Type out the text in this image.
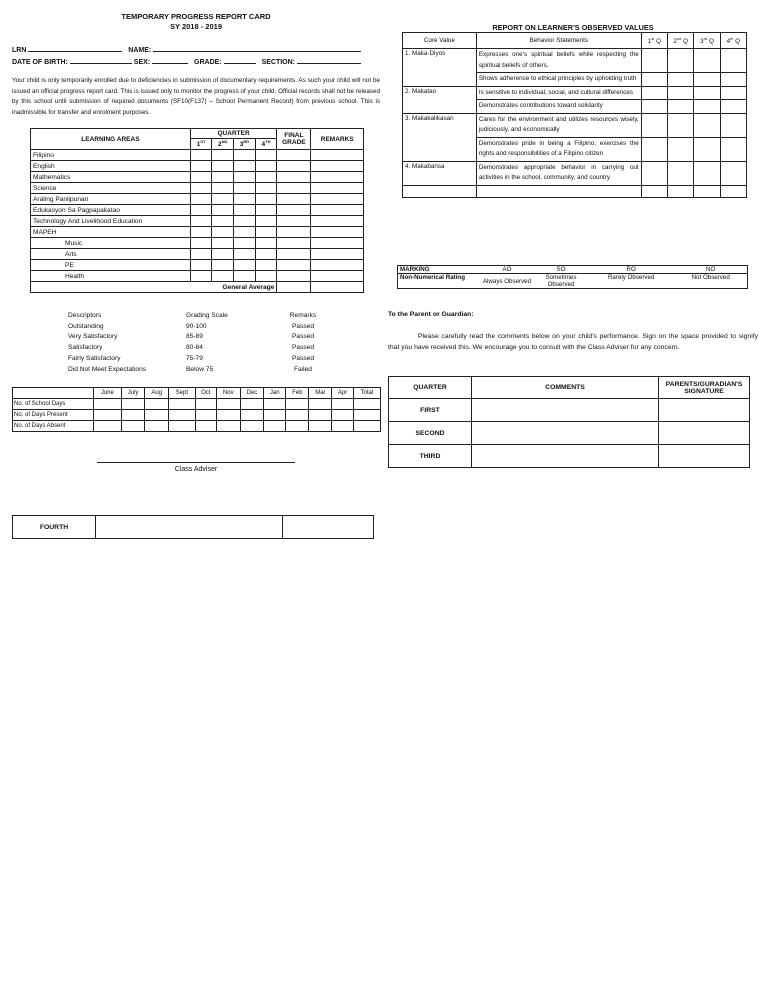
TEMPORARY PROGRESS REPORT CARD
SY 2018 - 2019
LRN	NAME:
DATE OF BIRTH:	SEX:	GRADE:	SECTION:
Your child is only temporarily enrolled due to deficiencies in submission of documentary requirements. As such your child will not be issued an official progress report card. This is issued only to monitor the progress of your child. Official records shall not be released by this school until submission of required documents (SF10(F137) – School Permanent Record) from previous school. This is inadmissible for transfer and enrolment purposes.
LEARNING AREAS	QUARTER				FINAL GRADE	REMARKS
	1ST	2ND	3RD	4TH
Filipino						
English						
Mathematics						
Science						
Araling Panlipunan						
Edukasyon Sa Pagpapakatao						
Technology And Livelihood Education						
MAPEH						
Music						
Arts						
PE						
Health						
General Average						
Descriptors	Grading Scale	Remarks
Outstanding	90-100	Passed
Very Satisfactory	85-89	Passed
Satisfactory	80-84	Passed
Fairly Satisfactory	75-79	Passed
Did Not Meet Expectations	Below 75	Failed
	June	July	Aug	Sept	Oct	Nov	Dec	Jan	Feb	Mar	Apr	Total
No. of School Days												
No. of Days Present												
No. of Days Absent												
Class Adviser
FOURTH		
REPORT ON LEARNER'S OBSERVED VALUES
Core Value	Behavior Statements	1st Q	2nd Q	3rd Q	4th Q
1. Maka-Diyos	Expresses one's spiritual beliefs while respecting the spiritual beliefs of others.				
	Shows adherence to ethical principles by upholding truth				
2. Makatao	Is sensitive to individual, social, and cultural differences				
	Demonstrates contributions toward solidarity				
3. Makakalikasan	Cares for the environment and utilizes resources wisely, judiciously, and economically				
	Demonstrates pride in being a Filipino; exercises the rights and responsibilities of a Filipino citizen				
4. Makabansa	Demonstrates appropriate behavior in carrying out activities in the school, community, and country				

MARKING	AO	SO	RO	NO
Non-Numerical Rating	Always Observed	Sometimes Observed	Rarely Observed	Not Observed
To the Parent or Guardian:
Please carefully read the comments below on your child's performance. Sign on the space provided to signify that you have received this. We encourage you to consult with the Class Adviser for any concern.
QUARTER	COMMENTS	PARENTS/GURADIAN'S SIGNATURE
FIRST		
SECOND		
THIRD		
